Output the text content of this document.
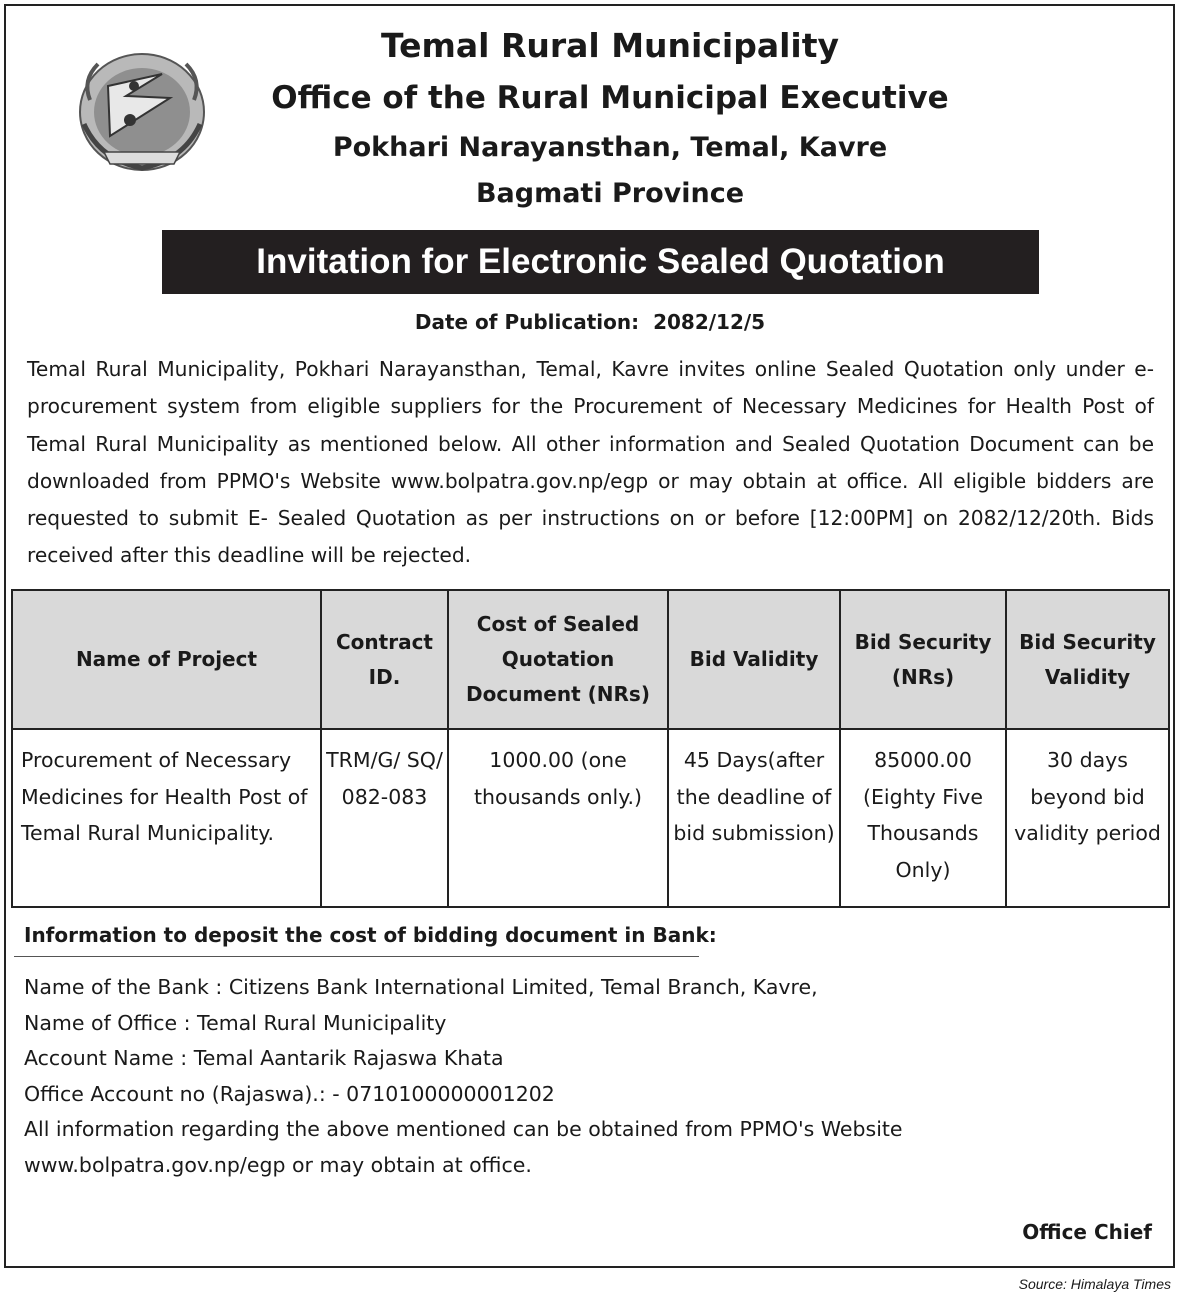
Temal Rural Municipality
Office of the Rural Municipal Executive
Pokhari Narayansthan, Temal, Kavre
Bagmati Province
Invitation for Electronic Sealed Quotation
Date of Publication: 2082/12/5

Temal Rural Municipality, Pokhari Narayansthan, Temal, Kavre invites online Sealed Quotation only under e-procurement system from eligible suppliers for the Procurement of Necessary Medicines for Health Post of Temal Rural Municipality as mentioned below. All other information and Sealed Quotation Document can be downloaded from PPMO's Website www.bolpatra.gov.np/egp or may obtain at office. All eligible bidders are requested to submit E- Sealed Quotation as per instructions on or before [12:00PM] on 2082/12/20th. Bids received after this deadline will be rejected.

Name of Project	Contract ID.	Cost of Sealed Quotation Document (NRs)	Bid Validity	Bid Security (NRs)	Bid Security Validity
Procurement of Necessary Medicines for Health Post of Temal Rural Municipality.	TRM/G/ SQ/ 082-083	1000.00 (one thousands only.)	45 Days(after the deadline of bid submission)	85000.00 (Eighty Five Thousands Only)	30 days beyond bid validity period
Information to deposit the cost of bidding document in Bank:
Name of the Bank : Citizens Bank International Limited, Temal Branch, Kavre,
Name of Office : Temal Rural Municipality
Account Name : Temal Aantarik Rajaswa Khata
Office Account no (Rajaswa).: - 0710100000001202
All information regarding the above mentioned can be obtained from PPMO's Website www.bolpatra.gov.np/egp or may obtain at office.
Office Chief
Source: Himalaya Times
